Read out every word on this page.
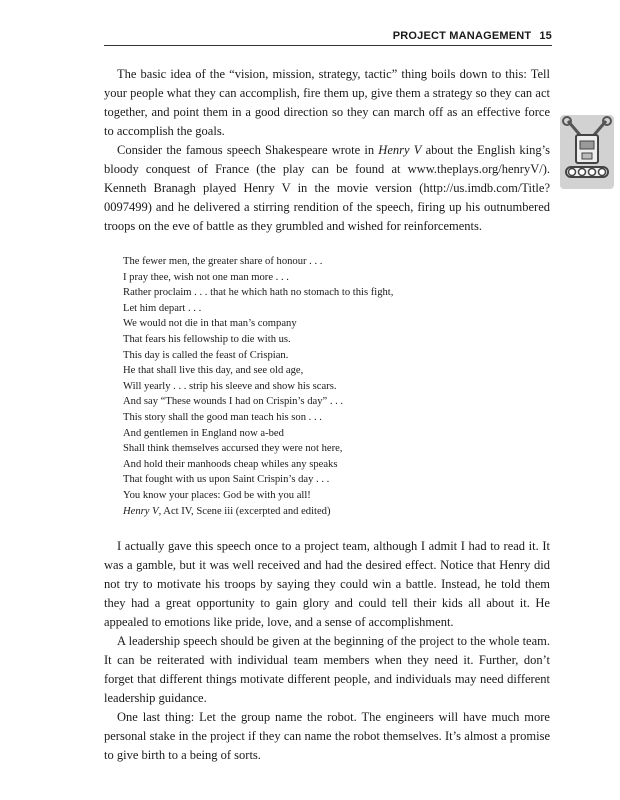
PROJECT MANAGEMENT 15

The basic idea of the “vision, mission, strategy, tactic” thing boils down to this: Tell your people what they can accomplish, fire them up, give them a strategy so they can act together, and point them in a good direction so they can march off as an effective force to accomplish the goals.

Consider the famous speech Shakespeare wrote in Henry V about the English king’s bloody conquest of France (the play can be found at www.theplays.org/henryV/). Kenneth Branagh played Henry V in the movie version (http://us.imdb.com/Title?0097499) and he delivered a stirring rendition of the speech, firing up his outnumbered troops on the eve of battle as they grumbled and wished for reinforcements.

The fewer men, the greater share of honour . . .
I pray thee, wish not one man more . . .
Rather proclaim . . . that he which hath no stomach to this fight,
Let him depart . . .
We would not die in that man’s company
That fears his fellowship to die with us.
This day is called the feast of Crispian.
He that shall live this day, and see old age,
Will yearly . . . strip his sleeve and show his scars.
And say “These wounds I had on Crispin’s day” . . .
This story shall the good man teach his son . . .
And gentlemen in England now a-bed
Shall think themselves accursed they were not here,
And hold their manhoods cheap whiles any speaks
That fought with us upon Saint Crispin’s day . . .
You know your places: God be with you all!
Henry V, Act IV, Scene iii (excerpted and edited)

I actually gave this speech once to a project team, although I admit I had to read it. It was a gamble, but it was well received and had the desired effect. Notice that Henry did not try to motivate his troops by saying they could win a battle. Instead, he told them they had a great opportunity to gain glory and could tell their kids all about it. He appealed to emotions like pride, love, and a sense of accomplishment.

A leadership speech should be given at the beginning of the project to the whole team. It can be reiterated with individual team members when they need it. Further, don’t forget that different things motivate different people, and individuals may need different leadership guidance.

One last thing: Let the group name the robot. The engineers will have much more personal stake in the project if they can name the robot themselves. It’s almost a promise to give birth to a being of sorts.
